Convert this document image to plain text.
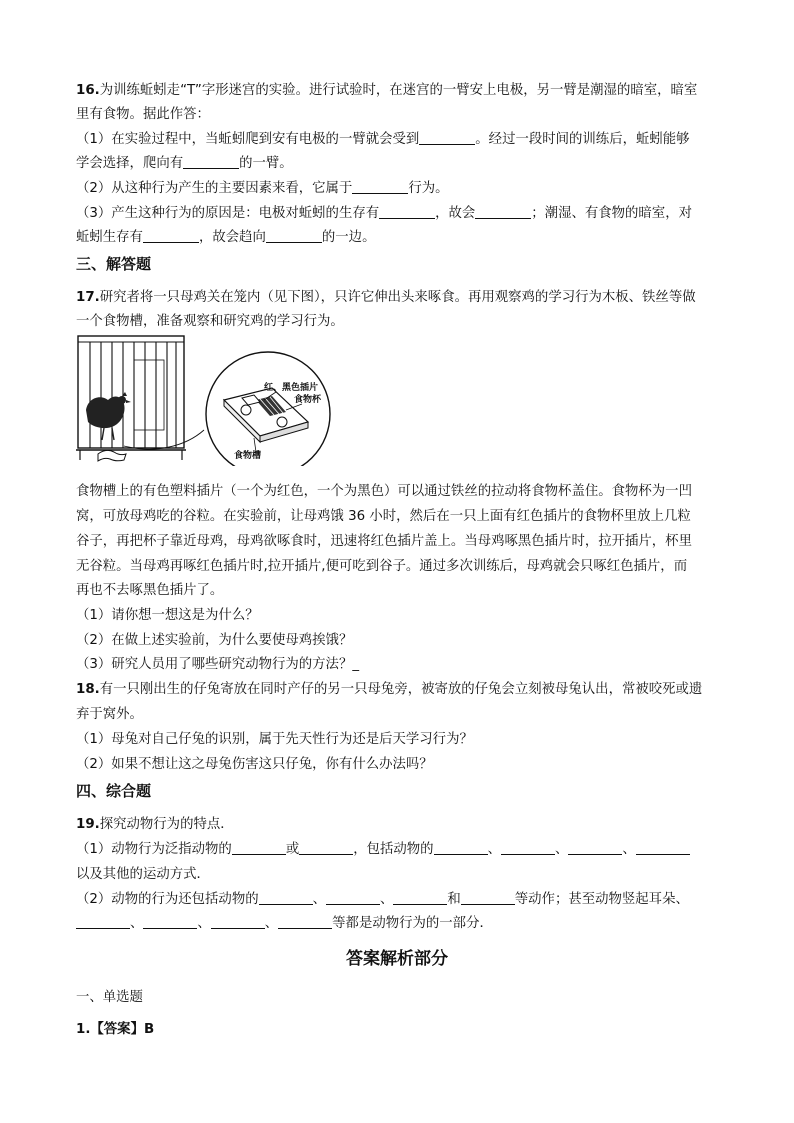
16.为训练蚯蚓走“T”字形迷宫的实验。进行试验时，在迷宫的一臂安上电极，另一臂是潮湿的暗室，暗室
里有食物。据此作答：
（1）在实验过程中，当蚯蚓爬到安有电极的一臂就会受到	。经过一段时间的训练后，蚯蚓能够
学会选择，爬向有	的一臂。
（2）从这种行为产生的主要因素来看，它属于	行为。
（3）产生这种行为的原因是：电极对蚯蚓的生存有	，故会	；潮湿、有食物的暗室，对
蚯蚓生存有	，故会趋向	的一边。
三、解答题
17.研究者将一只母鸡关在笼内（见下图），只许它伸出头来啄食。再用观察鸡的学习行为木板、铁丝等做
一个食物槽，准备观察和研究鸡的学习行为。
红、黑色插片
食物杯
食物槽
食物槽上的有色塑料插片（一个为红色，一个为黑色）可以通过铁丝的拉动将食物杯盖住。食物杯为一凹
窝，可放母鸡吃的谷粒。在实验前，让母鸡饿 36 小时，然后在一只上面有红色插片的食物杯里放上几粒
谷子，再把杯子靠近母鸡，母鸡欲啄食时，迅速将红色插片盖上。当母鸡啄黑色插片时，拉开插片，杯里
无谷粒。当母鸡再啄红色插片时,拉开插片,便可吃到谷子。通过多次训练后，母鸡就会只啄红色插片，而
再也不去啄黑色插片了。
（1）请你想一想这是为什么？
（2）在做上述实验前，为什么要使母鸡挨饿？
（3）研究人员用了哪些研究动物行为的方法？_
18.有一只刚出生的仔兔寄放在同时产仔的另一只母兔旁，被寄放的仔兔会立刻被母兔认出，常被咬死或遗
弃于窝外。
（1）母兔对自己仔兔的识别，属于先天性行为还是后天学习行为？
（2）如果不想让这之母兔伤害这只仔兔，你有什么办法吗？
四、综合题
19.探究动物行为的特点．
（1）动物行为泛指动物的	或	，包括动物的	、	、	、
以及其他的运动方式．
（2）动物的行为还包括动物的	、	、	和	等动作；甚至动物竖起耳朵、
、	、	、	等都是动物行为的一部分．
答案解析部分
一、单选题
1.【答案】B
